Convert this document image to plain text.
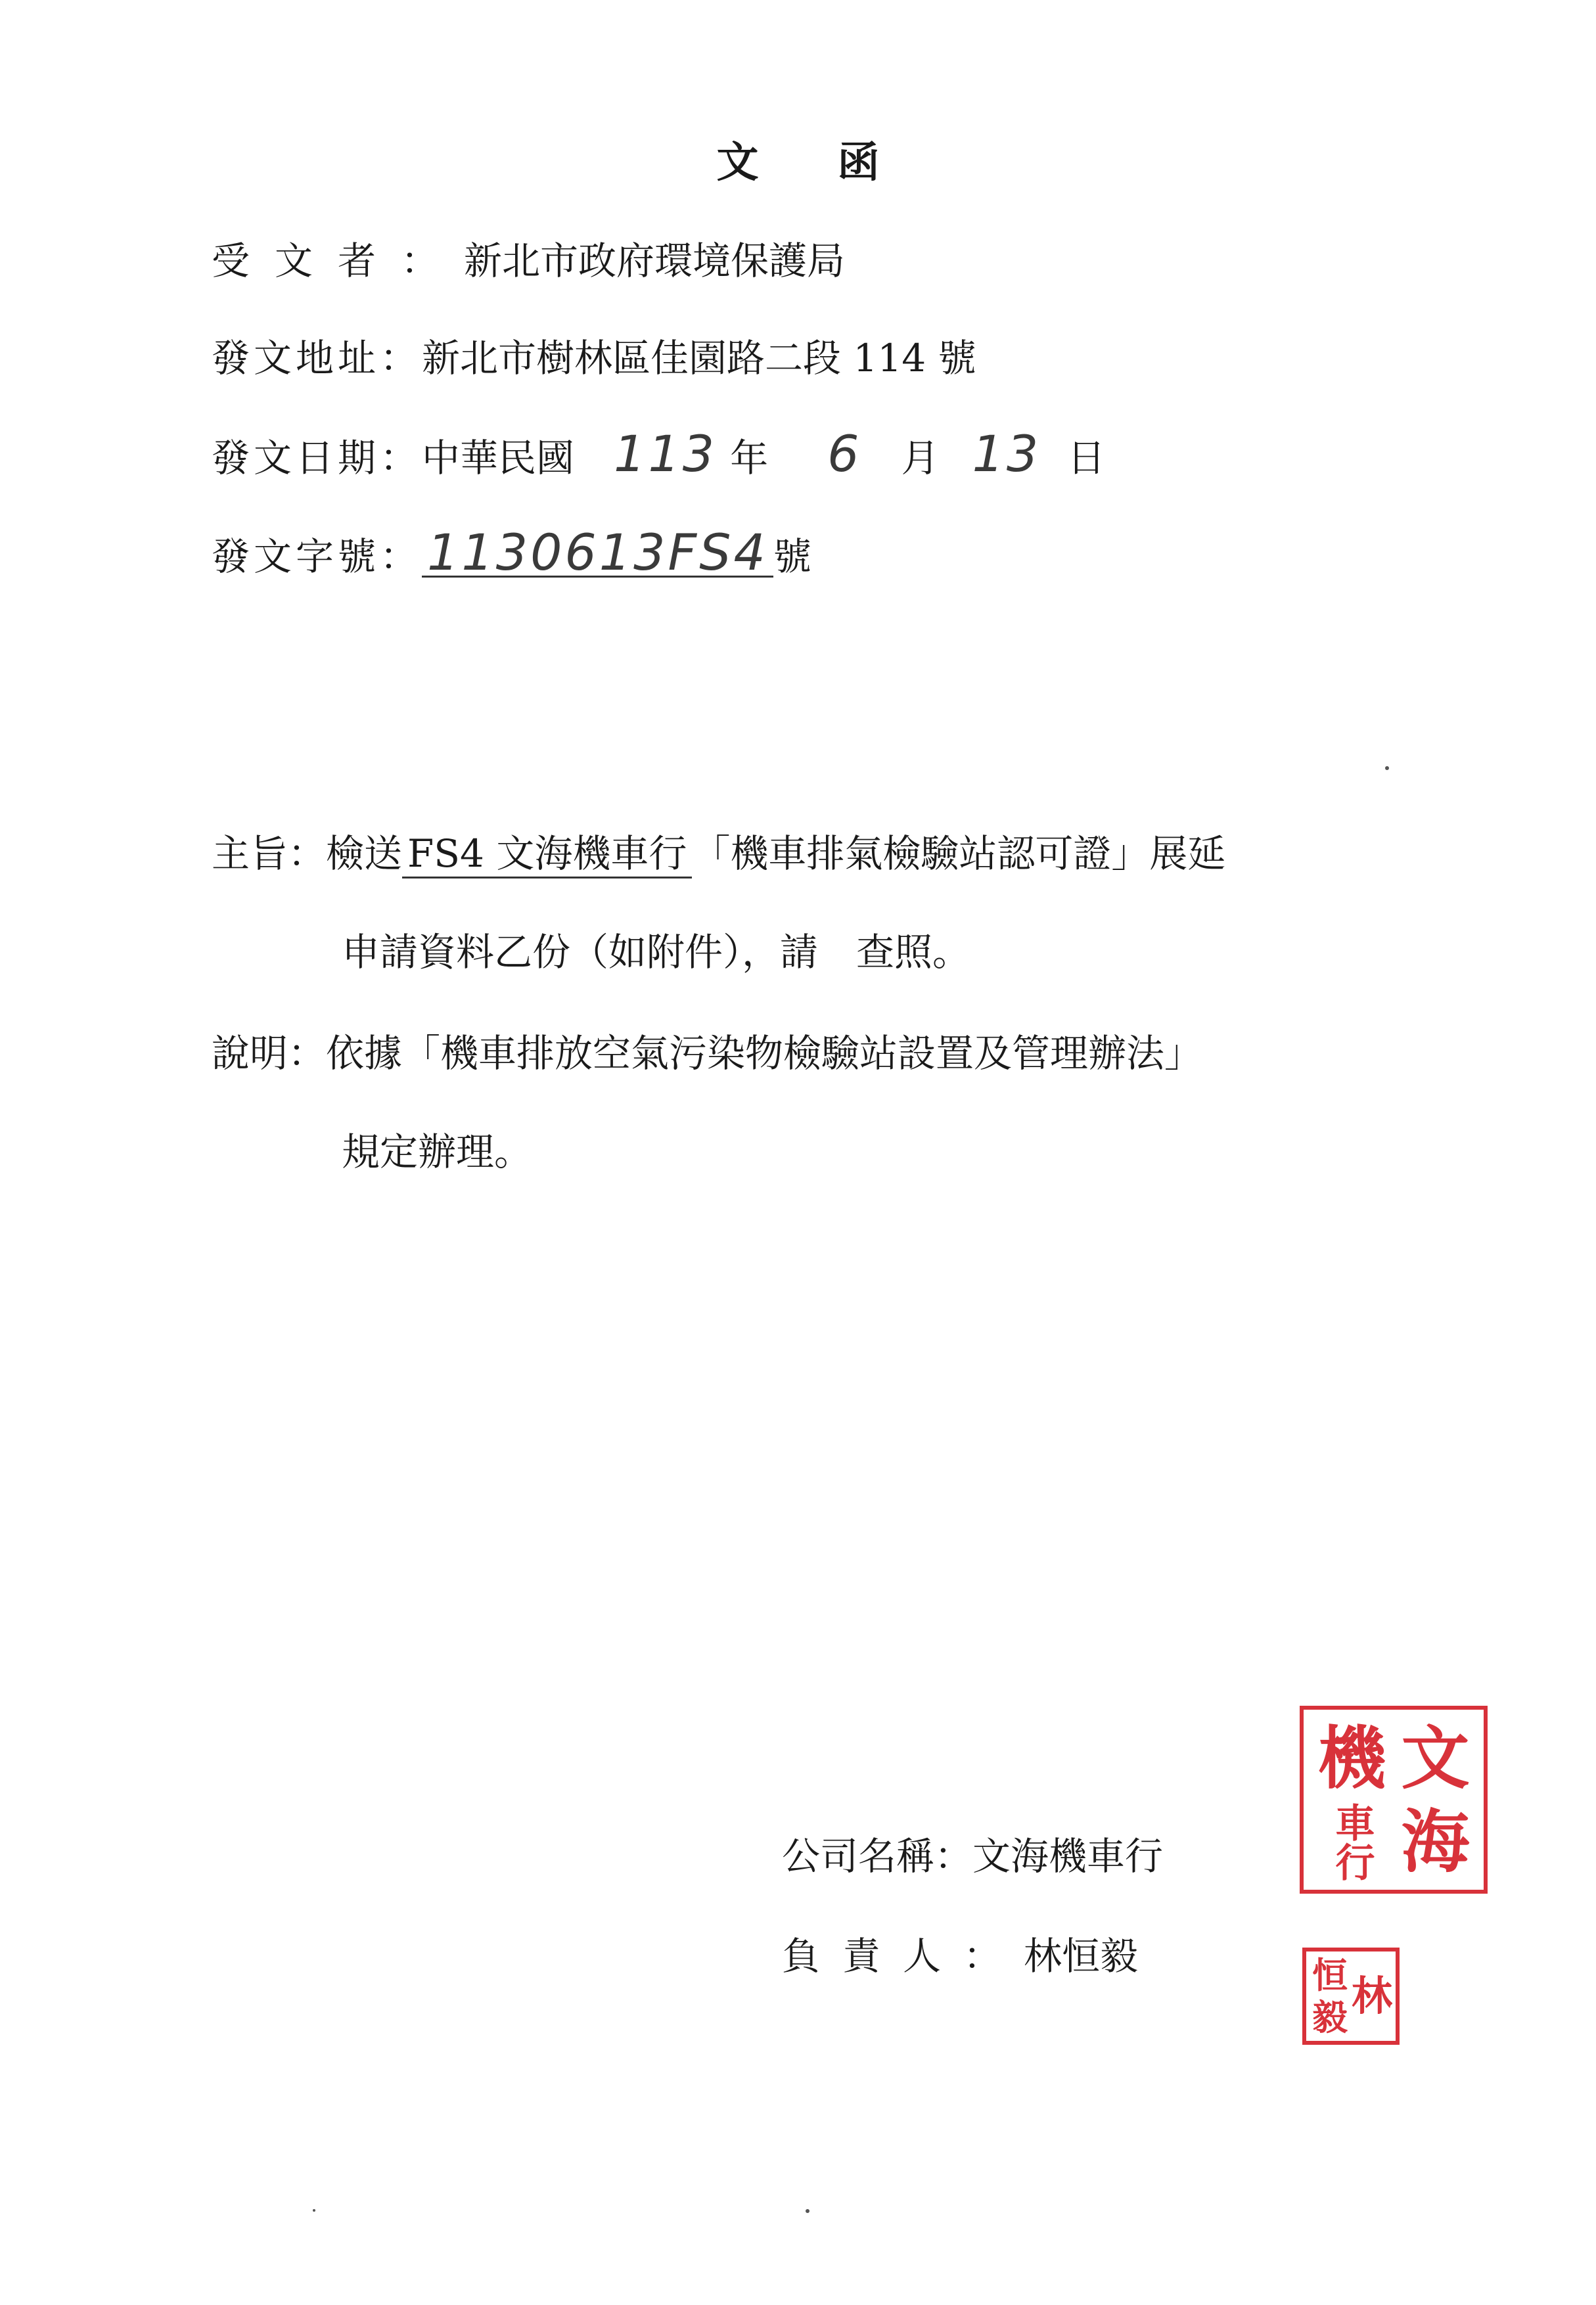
文函
受文者：新北市政府環境保護局
發文地址：新北市樹林區佳園路二段 114 號
發文日期：中華民國 113 年 6 月 13 日
發文字號： 1130613FS4 號
主旨：檢送 FS4 文海機車行 「機車排氣檢驗站認可證」展延
申請資料乙份（如附件），請　查照。
說明：依據「機車排放空氣污染物檢驗站設置及管理辦法」
規定辦理。
公司名稱：文海機車行
負責人：林恒毅
機 文
車行 海
恒 林
毅
